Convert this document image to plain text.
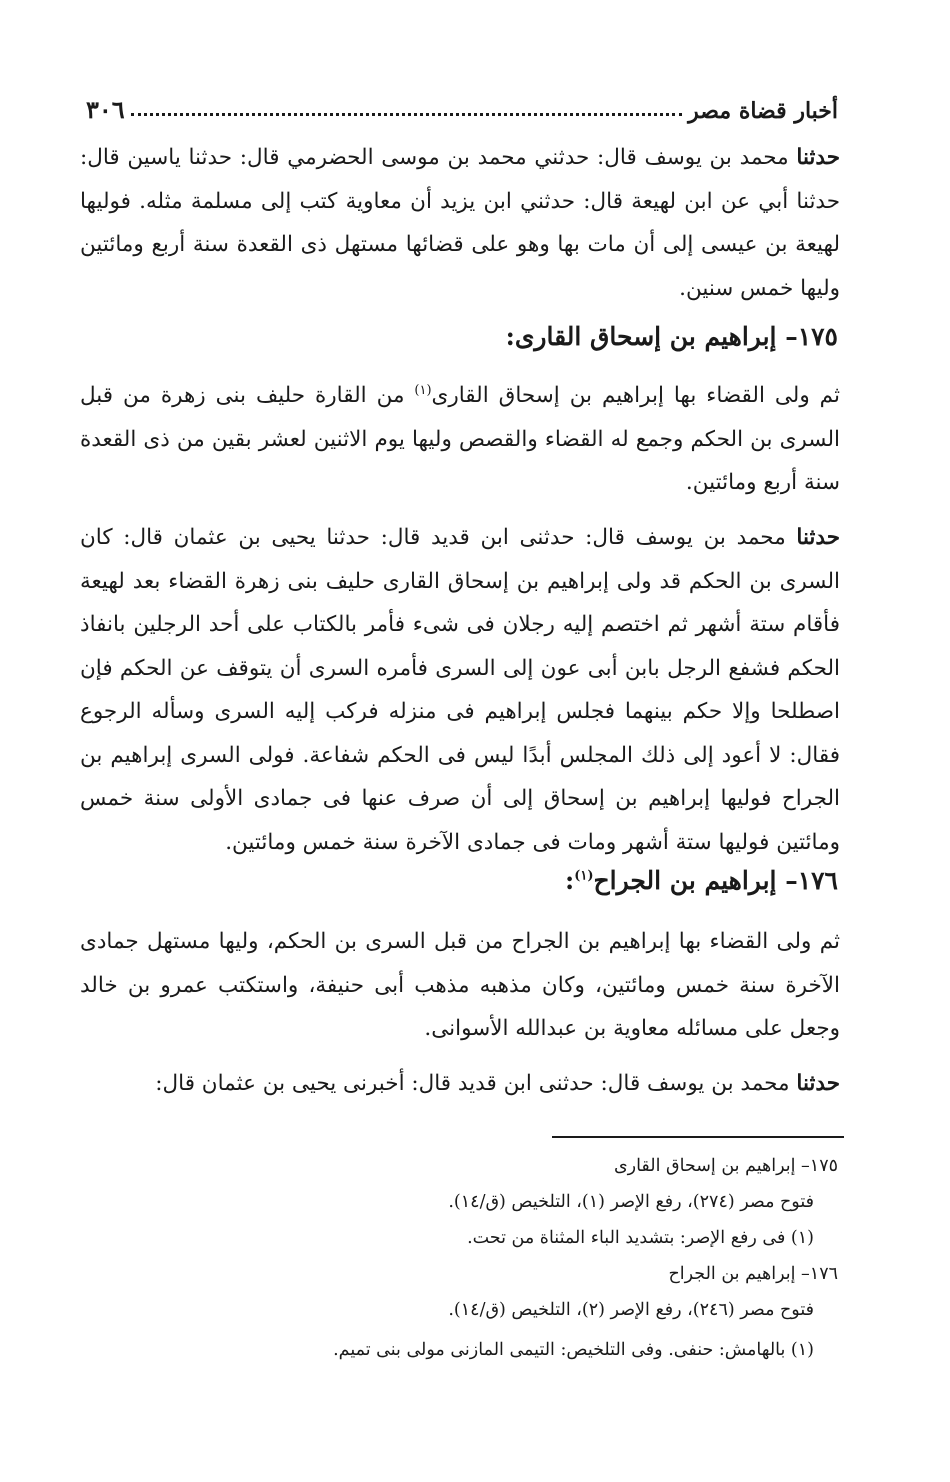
أخبار قضاة مصر
٣٠٦

حدثنا محمد بن يوسف قال: حدثني محمد بن موسى الحضرمي قال: حدثنا ياسين قال: حدثنا أبي عن ابن لهيعة قال: حدثني ابن يزيد أن معاوية كتب إلى مسلمة مثله. فوليها لهيعة بن عيسى إلى أن مات بها وهو على قضائها مستهل ذى القعدة سنة أربع ومائتين وليها خمس سنين.

١٧٥– إبراهيم بن إسحاق القارى:

ثم ولى القضاء بها إبراهيم بن إسحاق القارى$^{(١)}$ من القارة حليف بنى زهرة من قبل السرى بن الحكم وجمع له القضاء والقصص وليها يوم الاثنين لعشر بقين من ذى القعدة سنة أربع ومائتين.

حدثنا محمد بن يوسف قال: حدثنى ابن قديد قال: حدثنا يحيى بن عثمان قال: كان السرى بن الحكم قد ولى إبراهيم بن إسحاق القارى حليف بنى زهرة القضاء بعد لهيعة فأقام ستة أشهر ثم اختصم إليه رجلان فى شىء فأمر بالكتاب على أحد الرجلين بانفاذ الحكم فشفع الرجل بابن أبى عون إلى السرى فأمره السرى أن يتوقف عن الحكم فإن اصطلحا وإلا حكم بينهما فجلس إبراهيم فى منزله فركب إليه السرى وسأله الرجوع فقال: لا أعود إلى ذلك المجلس أبدًا ليس فى الحكم شفاعة. فولى السرى إبراهيم بن الجراح فوليها إبراهيم بن إسحاق إلى أن صرف عنها فى جمادى الأولى سنة خمس ومائتين فوليها ستة أشهر ومات فى جمادى الآخرة سنة خمس ومائتين.

١٧٦– إبراهيم بن الجراح$^{(١)}$:

ثم ولى القضاء بها إبراهيم بن الجراح من قبل السرى بن الحكم، وليها مستهل جمادى الآخرة سنة خمس ومائتين، وكان مذهبه مذهب أبى حنيفة، واستكتب عمرو بن خالد وجعل على مسائله معاوية بن عبدالله الأسوانى.

حدثنا محمد بن يوسف قال: حدثنى ابن قديد قال: أخبرنى يحيى بن عثمان قال:

١٧٥– إبراهيم بن إسحاق القارى
فتوح مصر (٢٧٤)، رفع الإصر (١)، التلخيص (ق/١٤).
(١) فى رفع الإصر: بتشديد الباء المثناة من تحت.
١٧٦– إبراهيم بن الجراح
فتوح مصر (٢٤٦)، رفع الإصر (٢)، التلخيص (ق/١٤).
(١) بالهامش: حنفى. وفى التلخيص: التيمى المازنى مولى بنى تميم.
